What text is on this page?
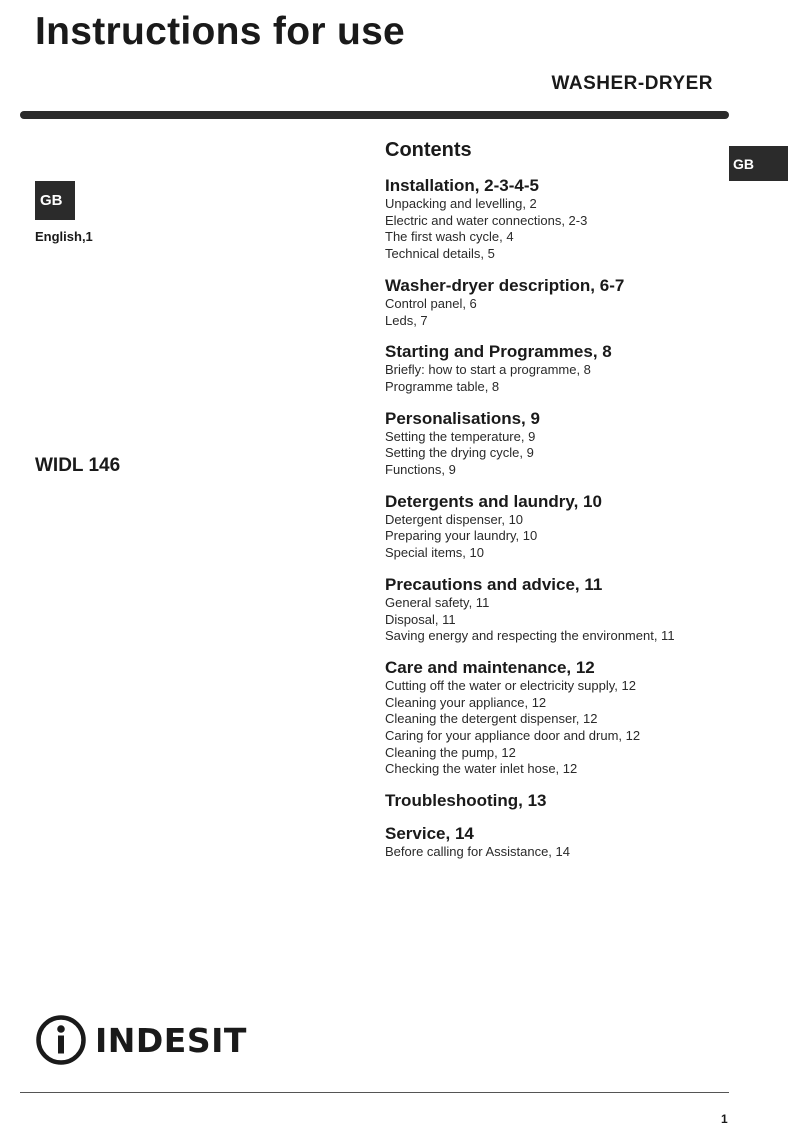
Instructions for use
WASHER-DRYER
GB
GB
English,1
WIDL 146
Contents
Installation, 2-3-4-5
Unpacking and levelling, 2
Electric and water connections, 2-3
The first wash cycle, 4
Technical details, 5
Washer-dryer description, 6-7
Control panel, 6
Leds, 7
Starting and Programmes, 8
Briefly: how to start a programme, 8
Programme table, 8
Personalisations, 9
Setting the temperature, 9
Setting the drying cycle, 9
Functions, 9
Detergents and laundry, 10
Detergent dispenser, 10
Preparing your laundry, 10
Special items, 10
Precautions and advice, 11
General safety, 11
Disposal, 11
Saving energy and respecting the environment, 11
Care and maintenance, 12
Cutting off the water or electricity supply, 12
Cleaning your appliance, 12
Cleaning the detergent dispenser, 12
Caring for your appliance door and drum, 12
Cleaning the pump, 12
Checking the water inlet hose, 12
Troubleshooting, 13
Service, 14
Before calling for Assistance, 14
INDESIT
1
